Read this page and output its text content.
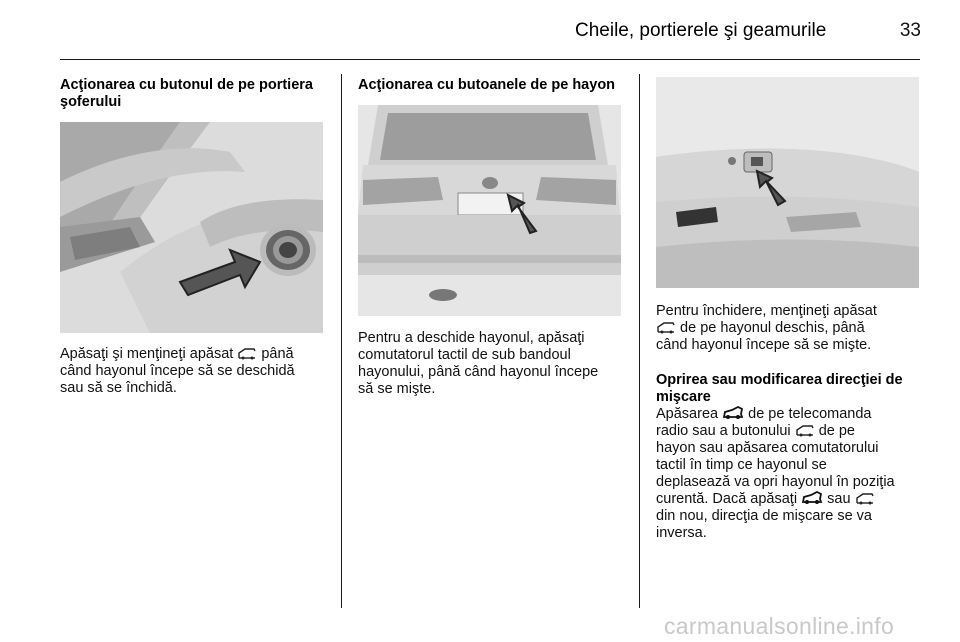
Cheile, portierele şi geamurile	33
Acţionarea cu butonul de pe portiera
şoferului
Apăsaţi şi menţineţi apăsat până
când hayonul începe să se deschidă
sau să se închidă.
Acţionarea cu butoanele de pe hayon
Pentru a deschide hayonul, apăsaţi
comutatorul tactil de sub bandoul
hayonului, până când hayonul începe
să se mişte.
Pentru închidere, menţineţi apăsat
de pe hayonul deschis, până
când hayonul începe să se mişte.
Oprirea sau modificarea direcţiei de
mişcare
Apăsarea de pe telecomanda
radio sau a butonului de pe
hayon sau apăsarea comutatorului
tactil în timp ce hayonul se
deplasează va opri hayonul în poziţia
curentă. Dacă apăsaţi sau
din nou, direcţia de mişcare se va
inversa.
carmanualsonline.info
